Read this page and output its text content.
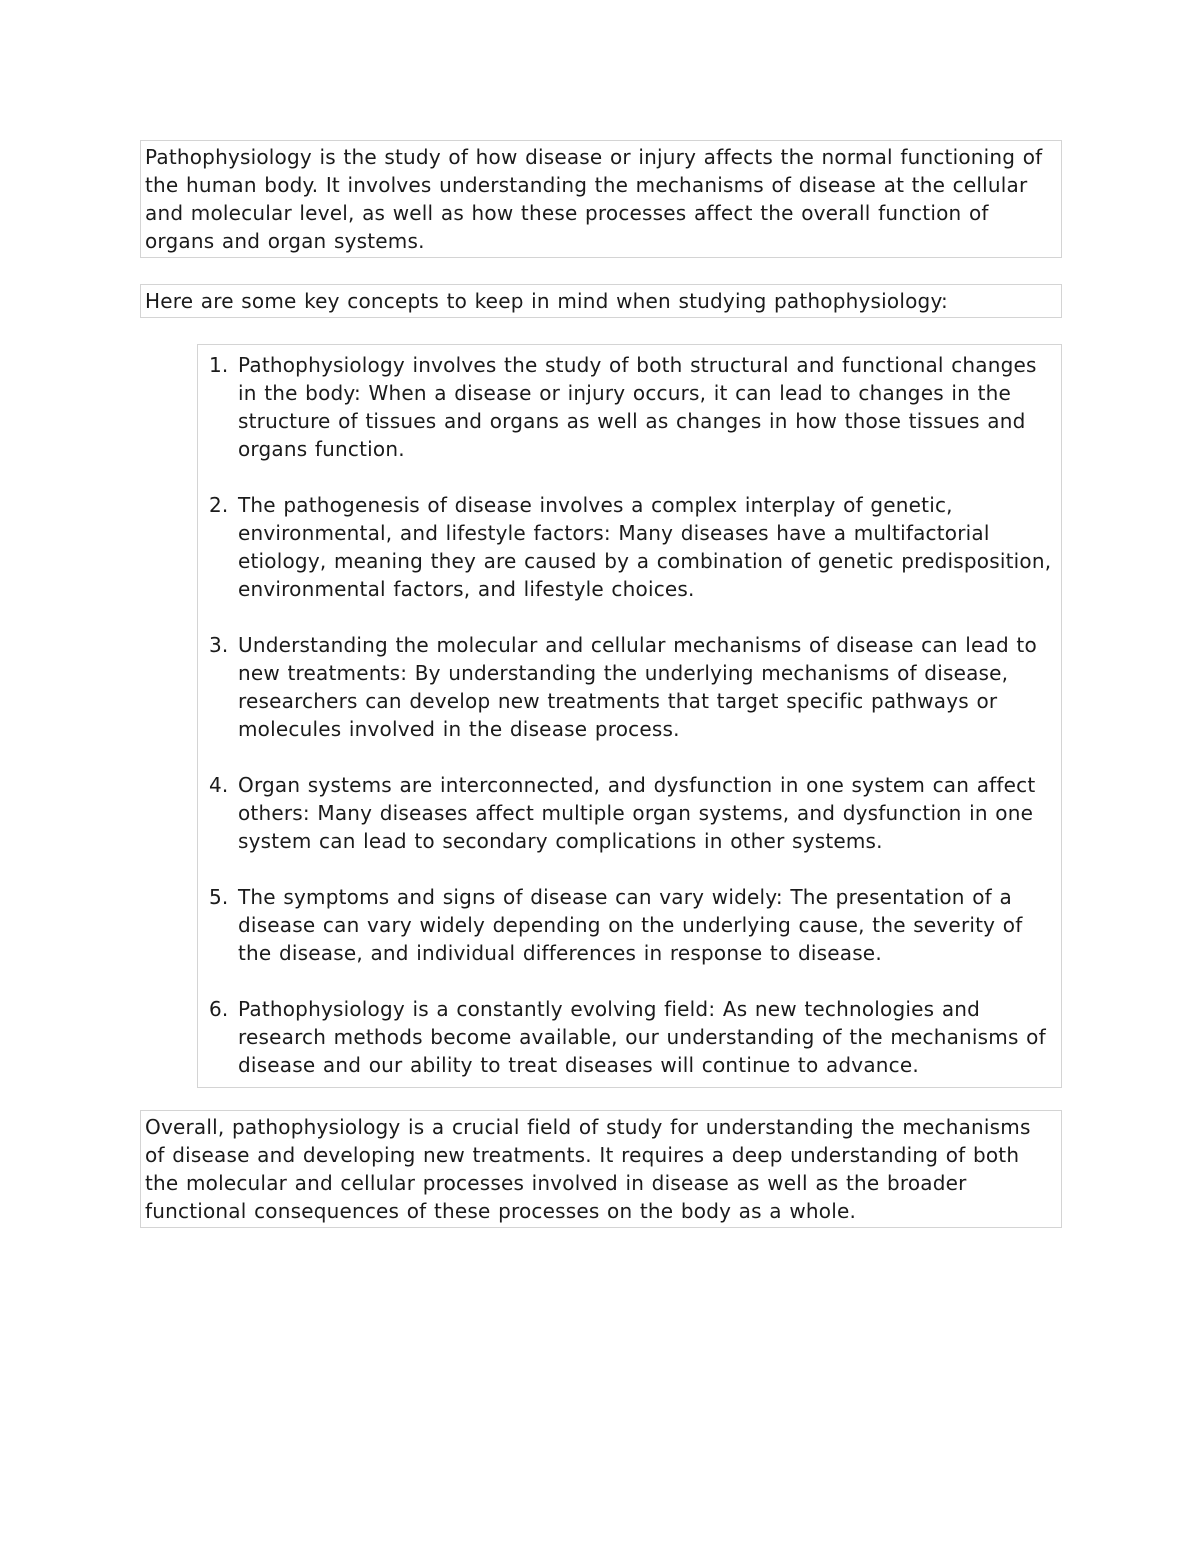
Pathophysiology is the study of how disease or injury affects the normal functioning of the human body. It involves understanding the mechanisms of disease at the cellular and molecular level, as well as how these processes affect the overall function of organs and organ systems.
Here are some key concepts to keep in mind when studying pathophysiology:
1. Pathophysiology involves the study of both structural and functional changes in the body: When a disease or injury occurs, it can lead to changes in the structure of tissues and organs as well as changes in how those tissues and organs function.
2. The pathogenesis of disease involves a complex interplay of genetic, environmental, and lifestyle factors: Many diseases have a multifactorial etiology, meaning they are caused by a combination of genetic predisposition, environmental factors, and lifestyle choices.
3. Understanding the molecular and cellular mechanisms of disease can lead to new treatments: By understanding the underlying mechanisms of disease, researchers can develop new treatments that target specific pathways or molecules involved in the disease process.
4. Organ systems are interconnected, and dysfunction in one system can affect others: Many diseases affect multiple organ systems, and dysfunction in one system can lead to secondary complications in other systems.
5. The symptoms and signs of disease can vary widely: The presentation of a disease can vary widely depending on the underlying cause, the severity of the disease, and individual differences in response to disease.
6. Pathophysiology is a constantly evolving field: As new technologies and research methods become available, our understanding of the mechanisms of disease and our ability to treat diseases will continue to advance.
Overall, pathophysiology is a crucial field of study for understanding the mechanisms of disease and developing new treatments. It requires a deep understanding of both the molecular and cellular processes involved in disease as well as the broader functional consequences of these processes on the body as a whole.
